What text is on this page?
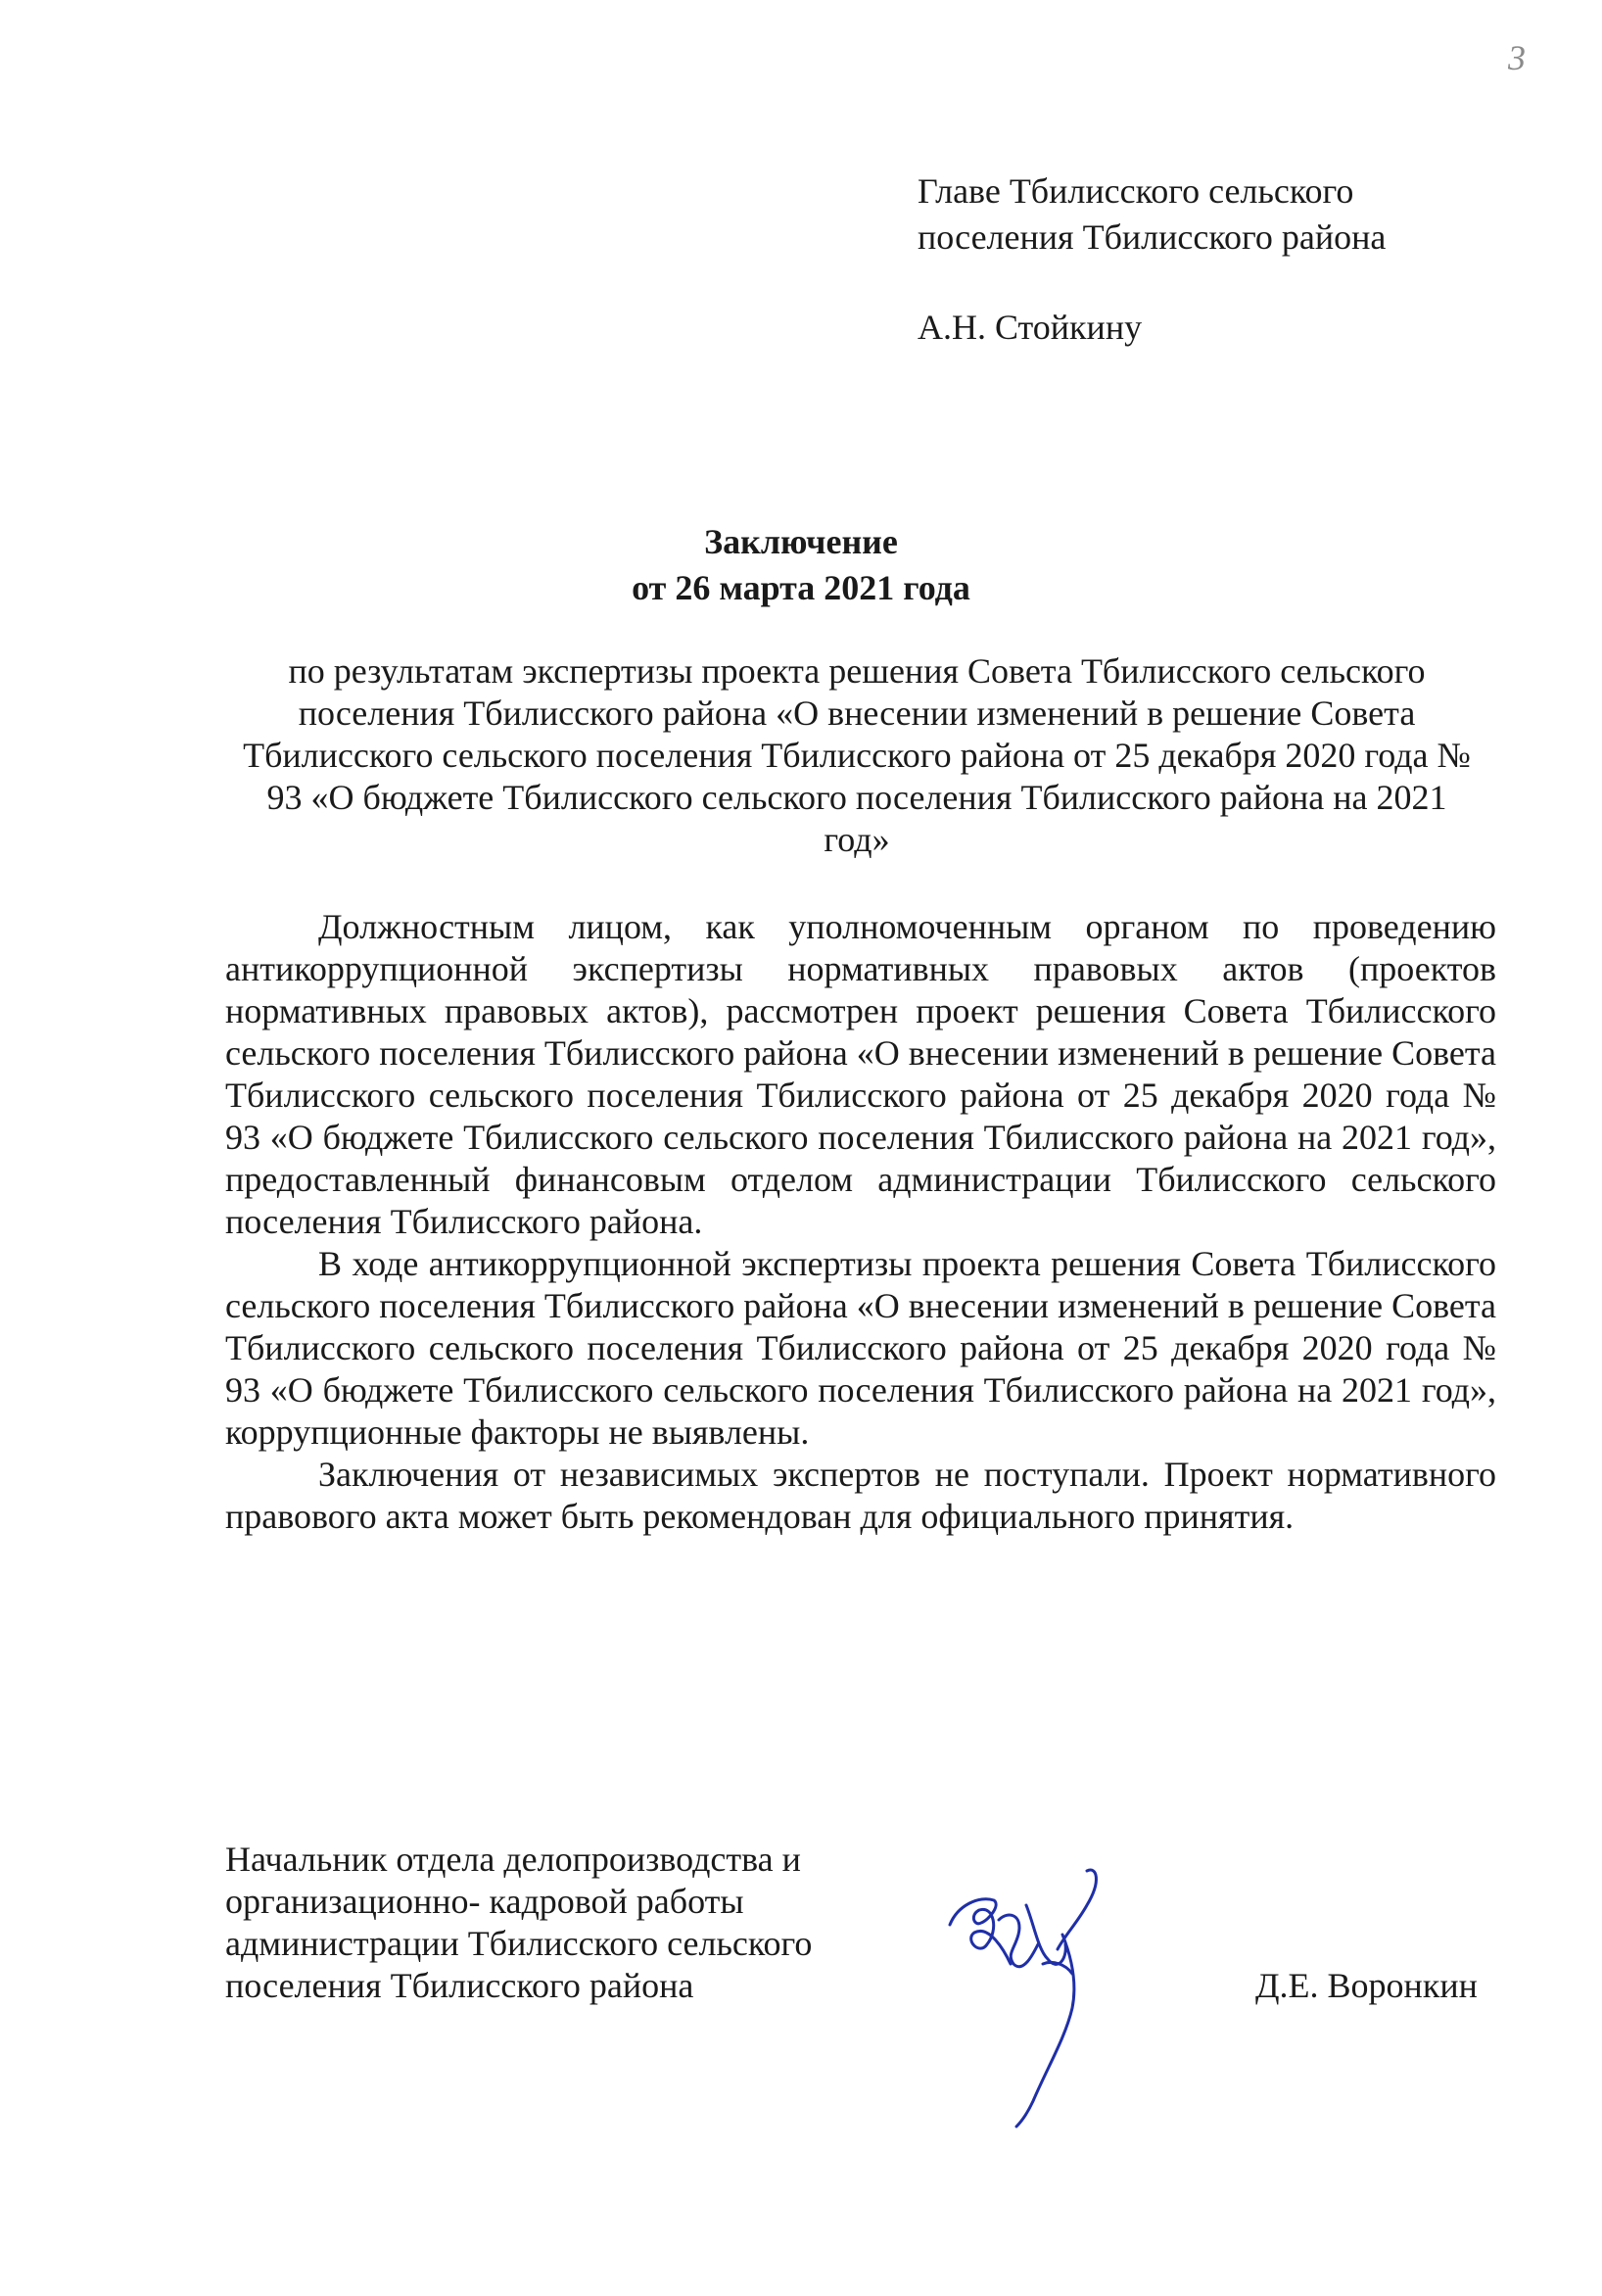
3
Главе Тбилисского сельского
поселения Тбилисского района
А.Н. Стойкину
Заключение
от 26 марта 2021 года
по результатам экспертизы проекта решения Совета Тбилисского сельского поселения Тбилисского района «О внесении изменений в решение Совета Тбилисского сельского поселения Тбилисского района от 25 декабря 2020 года № 93 «О бюджете Тбилисского сельского поселения Тбилисского района на 2021 год»

Должностным лицом, как уполномоченным органом по проведению антикоррупционной экспертизы нормативных правовых актов (проектов нормативных правовых актов), рассмотрен проект решения Совета Тбилисского сельского поселения Тбилисского района «О внесении изменений в решение Совета Тбилисского сельского поселения Тбилисского района от 25 декабря 2020 года № 93 «О бюджете Тбилисского сельского поселения Тбилисского района на 2021 год», предоставленный финансовым отделом администрации Тбилисского сельского поселения Тбилисского района.

В ходе антикоррупционной экспертизы проекта решения Совета Тбилисского сельского поселения Тбилисского района «О внесении изменений в решение Совета Тбилисского сельского поселения Тбилисского района от 25 декабря 2020 года № 93 «О бюджете Тбилисского сельского поселения Тбилисского района на 2021 год», коррупционные факторы не выявлены.

Заключения от независимых экспертов не поступали. Проект нормативного правового акта может быть рекомендован для официального принятия.

Начальник отдела делопроизводства и
организационно- кадровой работы
администрации Тбилисского сельского
поселения Тбилисского района	Д.Е. Воронкин
